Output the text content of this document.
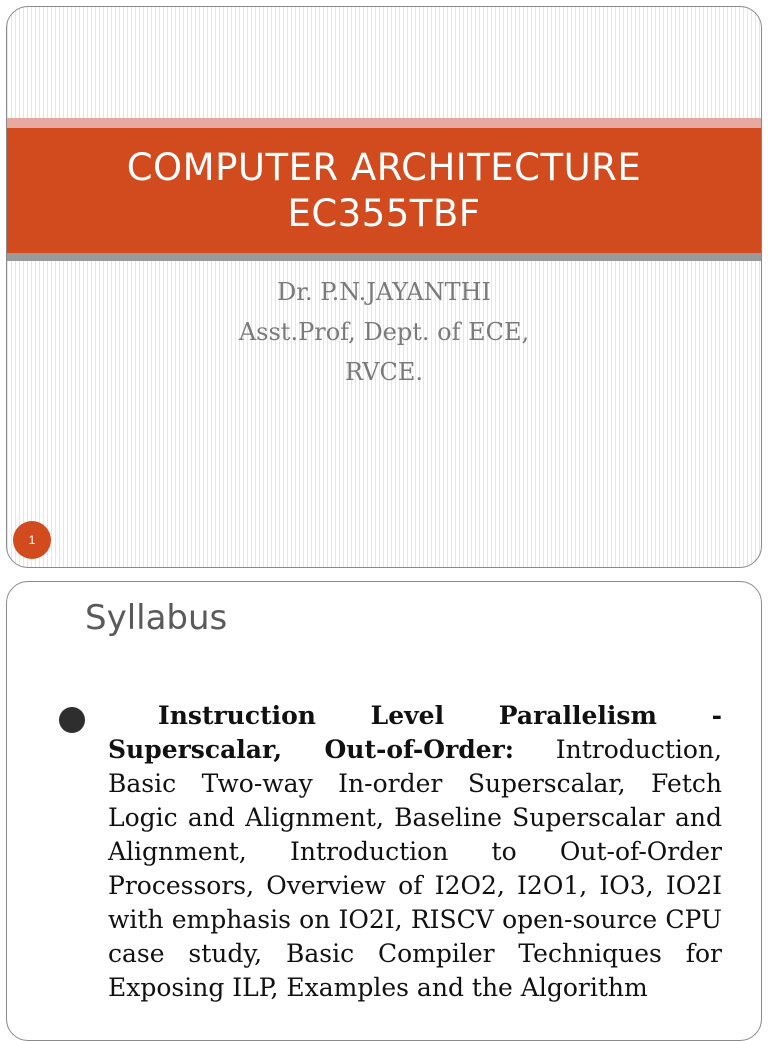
COMPUTER ARCHITECTURE
EC355TBF
Dr. P.N.JAYANTHI
Asst.Prof, Dept. of ECE,
RVCE.
1
Syllabus
Instruction Level Parallelism - Superscalar, Out-of-Order: Introduction, Basic Two-way In-order Superscalar, Fetch Logic and Alignment, Baseline Superscalar and Alignment, Introduction to Out-of-Order Processors, Overview of I2O2, I2O1, IO3, IO2I with emphasis on IO2I, RISCV open-source CPU case study, Basic Compiler Techniques for Exposing ILP, Examples and the Algorithm
